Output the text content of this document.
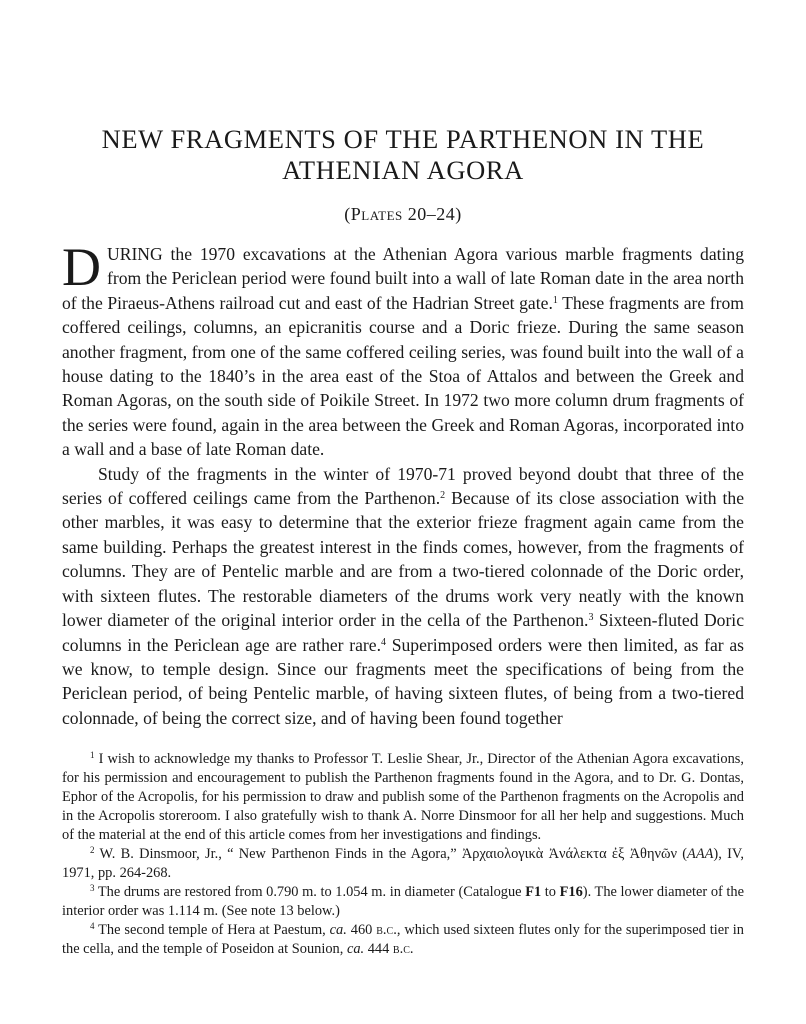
NEW FRAGMENTS OF THE PARTHENON IN THE
ATHENIAN AGORA
(Plates 20–24)

DURING the 1970 excavations at the Athenian Agora various marble fragments dating from the Periclean period were found built into a wall of late Roman date in the area north of the Piraeus-Athens railroad cut and east of the Hadrian Street gate.$^1$ These fragments are from coffered ceilings, columns, an epicranitis course and a Doric frieze. During the same season another fragment, from one of the same coffered ceiling series, was found built into the wall of a house dating to the 1840’s in the area east of the Stoa of Attalos and between the Greek and Roman Agoras, on the south side of Poikile Street. In 1972 two more column drum fragments of the series were found, again in the area between the Greek and Roman Agoras, incorporated into a wall and a base of late Roman date.

Study of the fragments in the winter of 1970-71 proved beyond doubt that three of the series of coffered ceilings came from the Parthenon.$^2$ Because of its close association with the other marbles, it was easy to determine that the exterior frieze fragment again came from the same building. Perhaps the greatest interest in the finds comes, however, from the fragments of columns. They are of Pentelic marble and are from a two-tiered colonnade of the Doric order, with sixteen flutes. The restorable diameters of the drums work very neatly with the known lower diameter of the original interior order in the cella of the Parthenon.$^3$ Sixteen-fluted Doric columns in the Periclean age are rather rare.$^4$ Superimposed orders were then limited, as far as we know, to temple design. Since our fragments meet the specifications of being from the Periclean period, of being Pentelic marble, of having sixteen flutes, of being from a two-tiered colonnade, of being the correct size, and of having been found together

$^1$ I wish to acknowledge my thanks to Professor T. Leslie Shear, Jr., Director of the Athenian Agora excavations, for his permission and encouragement to publish the Parthenon fragments found in the Agora, and to Dr. G. Dontas, Ephor of the Acropolis, for his permission to draw and publish some of the Parthenon fragments on the Acropolis and in the Acropolis storeroom. I also gratefully wish to thank A. Norre Dinsmoor for all her help and suggestions. Much of the material at the end of this article comes from her investigations and findings.

$^2$ W. B. Dinsmoor, Jr., “ New Parthenon Finds in the Agora,” Ἀρχαιολογικὰ Ἀνάλεκτα ἐξ Ἀθηνῶν (AAA), IV, 1971, pp. 264-268.

$^3$ The drums are restored from 0.790 m. to 1.054 m. in diameter (Catalogue F1 to F16). The lower diameter of the interior order was 1.114 m. (See note 13 below.)

$^4$ The second temple of Hera at Paestum, ca. 460 b.c., which used sixteen flutes only for the superimposed tier in the cella, and the temple of Poseidon at Sounion, ca. 444 b.c.
